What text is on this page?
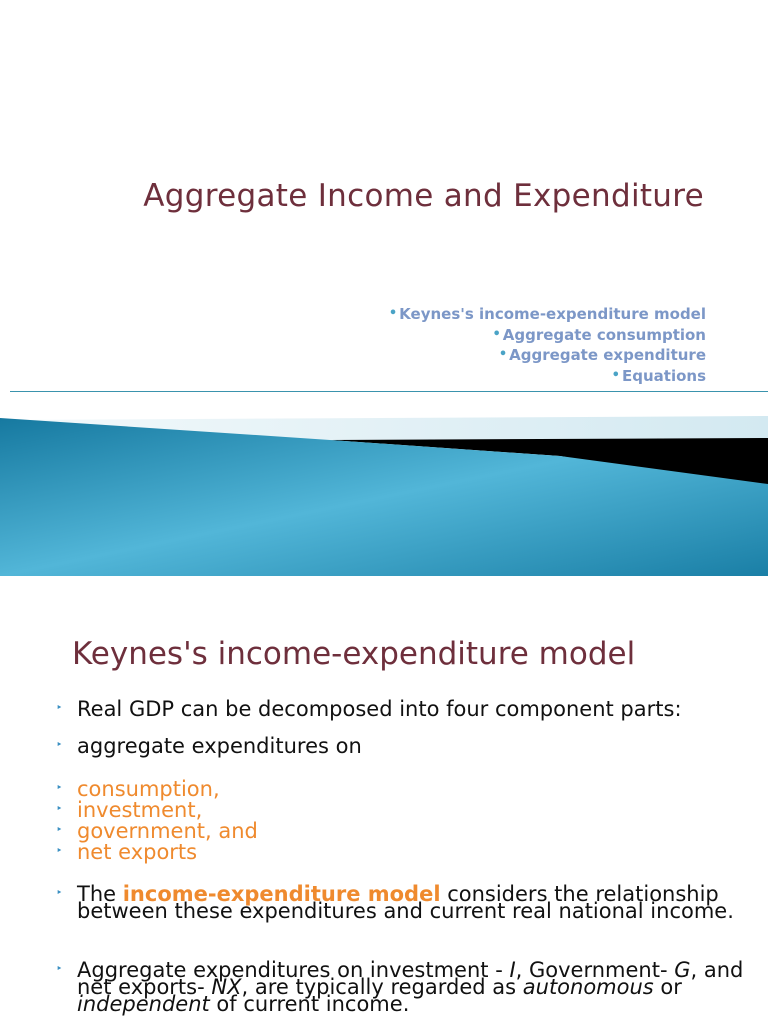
Aggregate Income and Expenditure
• Keynes's income-expenditure model
• Aggregate consumption
• Aggregate expenditure
• Equations
Keynes's income-expenditure model
‣ Real GDP can be decomposed into four component parts:
‣ aggregate expenditures on
‣ consumption,
‣ investment,
‣ government, and
‣ net exports
‣ The income-expenditure model considers the relationship between these expenditures and current real national income.
‣ Aggregate expenditures on investment - I, Government- G, and net exports- NX, are typically regarded as autonomous or independent of current income.
